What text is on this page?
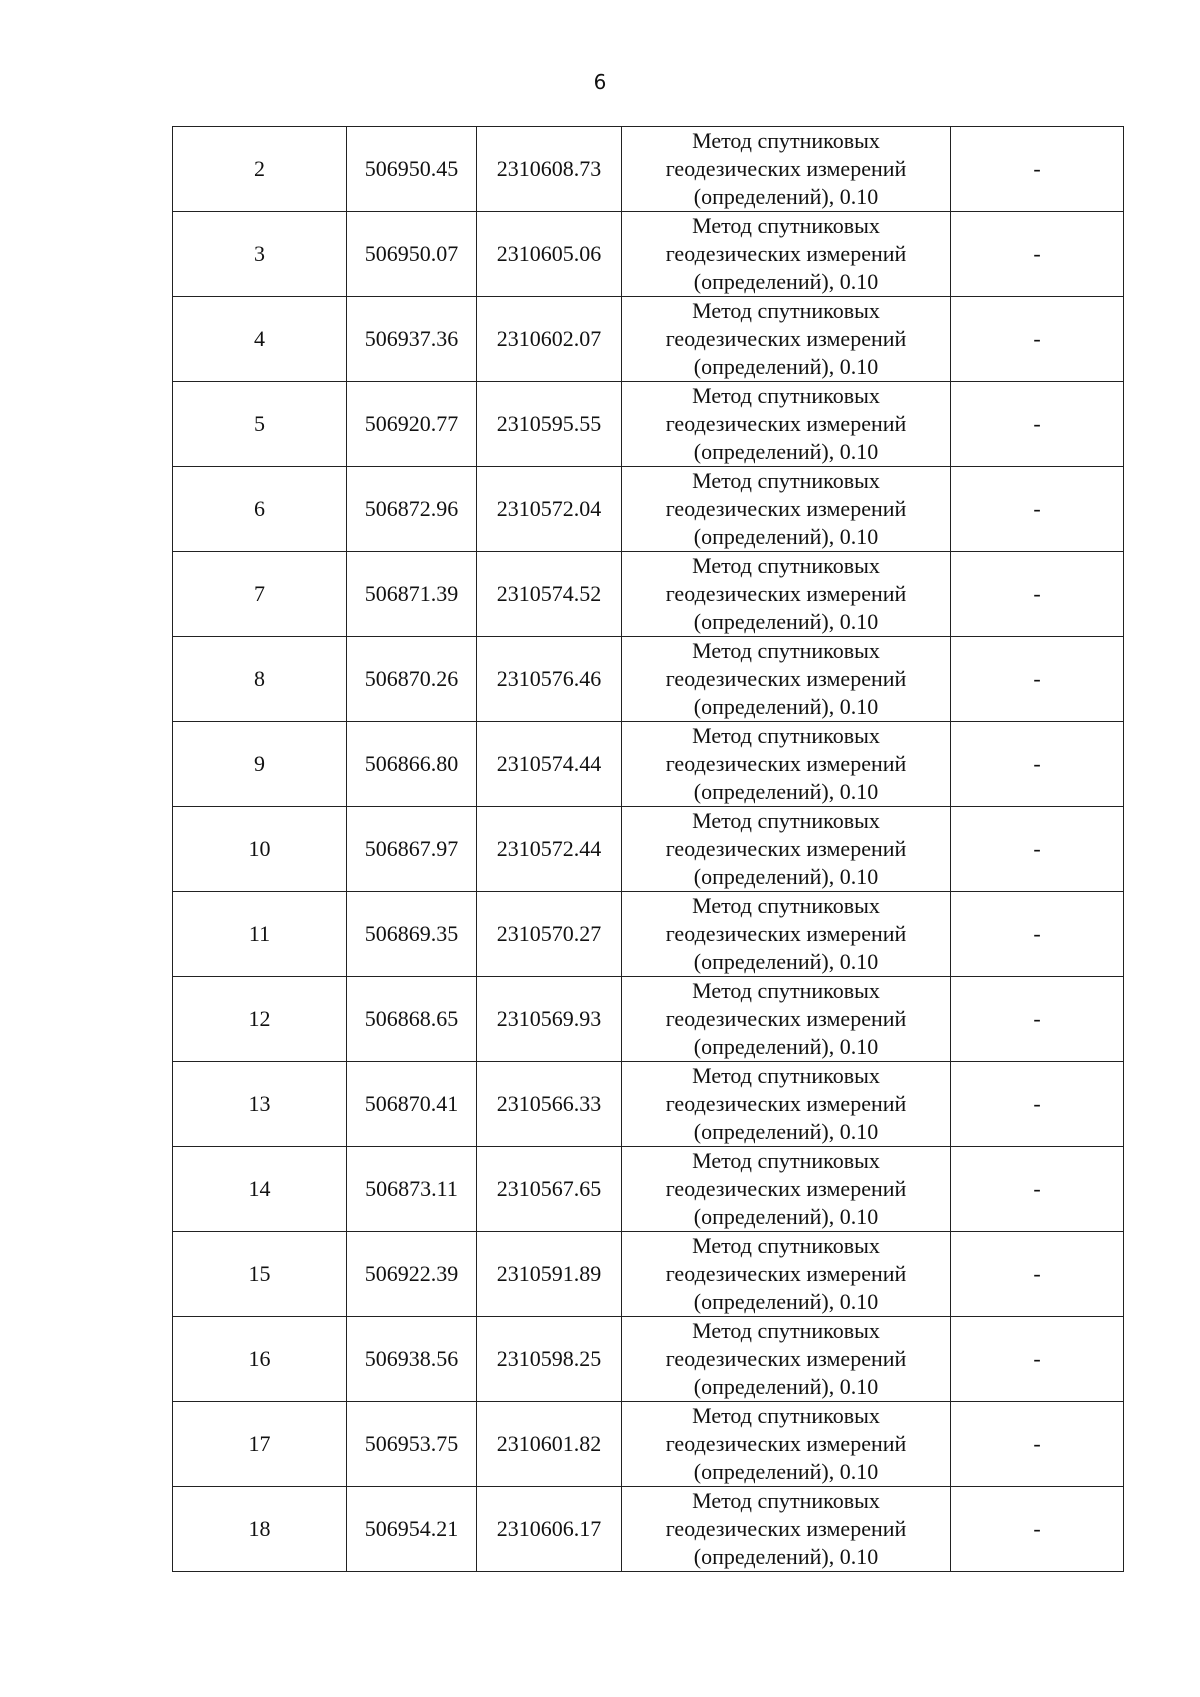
6
2	506950.45	2310608.73	Метод спутниковых
геодезических измерений
(определений), 0.10	-
3	506950.07	2310605.06	Метод спутниковых
геодезических измерений
(определений), 0.10	-
4	506937.36	2310602.07	Метод спутниковых
геодезических измерений
(определений), 0.10	-
5	506920.77	2310595.55	Метод спутниковых
геодезических измерений
(определений), 0.10	-
6	506872.96	2310572.04	Метод спутниковых
геодезических измерений
(определений), 0.10	-
7	506871.39	2310574.52	Метод спутниковых
геодезических измерений
(определений), 0.10	-
8	506870.26	2310576.46	Метод спутниковых
геодезических измерений
(определений), 0.10	-
9	506866.80	2310574.44	Метод спутниковых
геодезических измерений
(определений), 0.10	-
10	506867.97	2310572.44	Метод спутниковых
геодезических измерений
(определений), 0.10	-
11	506869.35	2310570.27	Метод спутниковых
геодезических измерений
(определений), 0.10	-
12	506868.65	2310569.93	Метод спутниковых
геодезических измерений
(определений), 0.10	-
13	506870.41	2310566.33	Метод спутниковых
геодезических измерений
(определений), 0.10	-
14	506873.11	2310567.65	Метод спутниковых
геодезических измерений
(определений), 0.10	-
15	506922.39	2310591.89	Метод спутниковых
геодезических измерений
(определений), 0.10	-
16	506938.56	2310598.25	Метод спутниковых
геодезических измерений
(определений), 0.10	-
17	506953.75	2310601.82	Метод спутниковых
геодезических измерений
(определений), 0.10	-
18	506954.21	2310606.17	Метод спутниковых
геодезических измерений
(определений), 0.10	-
